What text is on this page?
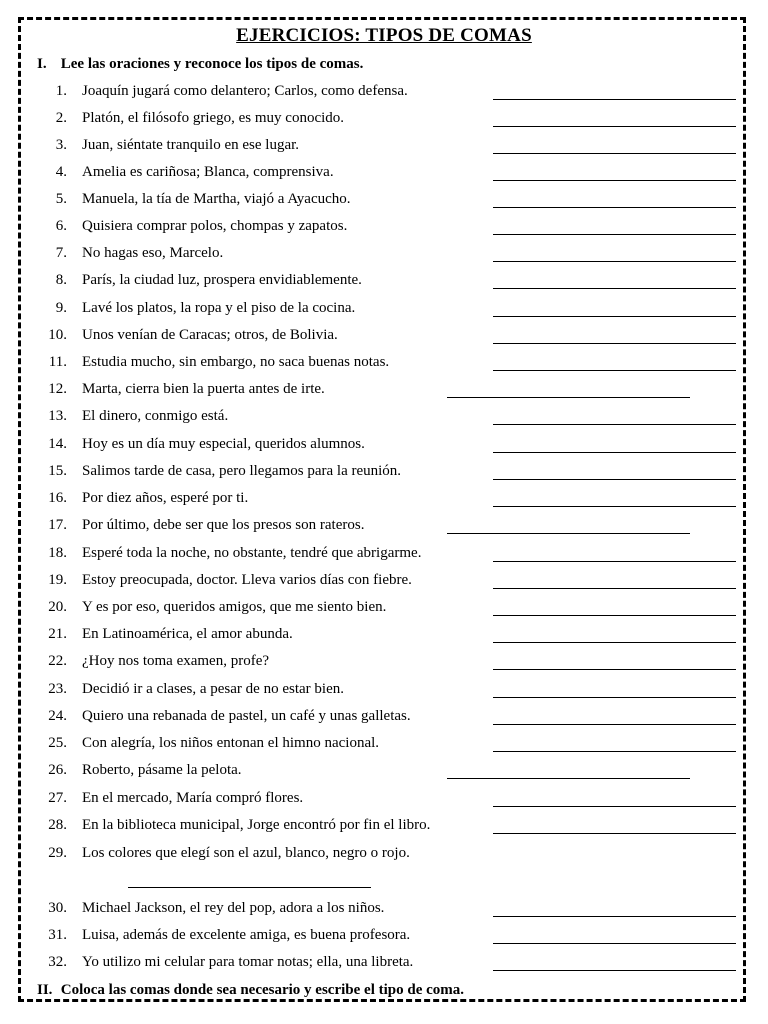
EJERCICIOS: TIPOS DE COMAS
I. Lee las oraciones y reconoce los tipos de comas.
1. Joaquín jugará como delantero; Carlos, como defensa.
2. Platón, el filósofo griego, es muy conocido.
3. Juan, siéntate tranquilo en ese lugar.
4. Amelia es cariñosa; Blanca, comprensiva.
5. Manuela, la tía de Martha, viajó a Ayacucho.
6. Quisiera comprar polos, chompas y zapatos.
7. No hagas eso, Marcelo.
8. París, la ciudad luz, prospera envidiablemente.
9. Lavé los platos, la ropa y el piso de la cocina.
10. Unos venían de Caracas; otros, de Bolivia.
11. Estudia mucho, sin embargo, no saca buenas notas.
12. Marta, cierra bien la puerta antes de irte.
13. El dinero, conmigo está.
14. Hoy es un día muy especial, queridos alumnos.
15. Salimos tarde de casa, pero llegamos para la reunión.
16. Por diez años, esperé por ti.
17. Por último, debe ser que los presos son rateros.
18. Esperé toda la noche, no obstante, tendré que abrigarme.
19. Estoy preocupada, doctor. Lleva varios días con fiebre.
20. Y es por eso, queridos amigos, que me siento bien.
21. En Latinoamérica, el amor abunda.
22. ¿Hoy nos toma examen, profe?
23. Decidió ir a clases, a pesar de no estar bien.
24. Quiero una rebanada de pastel, un café y unas galletas.
25. Con alegría, los niños entonan el himno nacional.
26. Roberto, pásame la pelota.
27. En el mercado, María compró flores.
28. En la biblioteca municipal, Jorge encontró por fin el libro.
29. Los colores que elegí son el azul, blanco, negro o rojo.
30. Michael Jackson, el rey del pop, adora a los niños.
31. Luisa, además de excelente amiga, es buena profesora.
32. Yo utilizo mi celular para tomar notas; ella, una libreta.
II. Coloca las comas donde sea necesario y escribe el tipo de coma.
